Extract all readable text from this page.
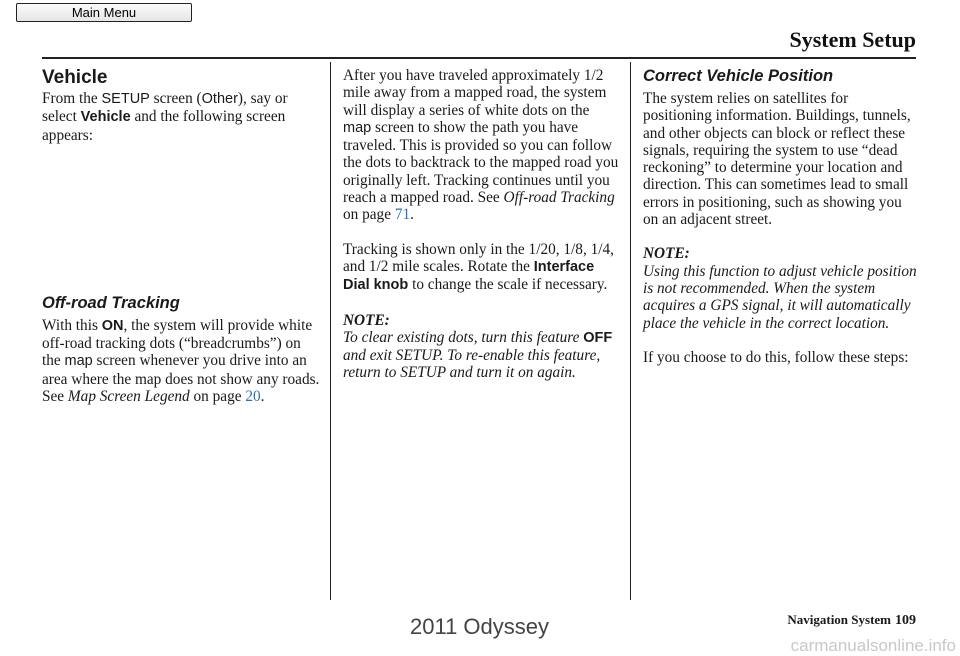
Main Menu
System Setup
Vehicle

From the SETUP screen (Other), say or select Vehicle and the following screen appears:

Off-road Tracking

With this ON, the system will provide white off-road tracking dots (“breadcrumbs”) on the map screen whenever you drive into an area where the map does not show any roads. See Map Screen Legend on page 20.

After you have traveled approximately 1/2 mile away from a mapped road, the system will display a series of white dots on the map screen to show the path you have traveled. This is provided so you can follow the dots to backtrack to the mapped road you originally left. Tracking continues until you reach a mapped road. See Off-road Tracking on page 71.

Tracking is shown only in the 1/20, 1/8, 1/4, and 1/2 mile scales. Rotate the Interface Dial knob to change the scale if necessary.

NOTE:

To clear existing dots, turn this feature OFF and exit SETUP. To re-enable this feature, return to SETUP and turn it on again.

Correct Vehicle Position

The system relies on satellites for positioning information. Buildings, tunnels, and other objects can block or reflect these signals, requiring the system to use “dead reckoning” to determine your location and direction. This can sometimes lead to small errors in positioning, such as showing you on an adjacent street.

NOTE:

Using this function to adjust vehicle position is not recommended. When the system acquires a GPS signal, it will automatically place the vehicle in the correct location.

If you choose to do this, follow these steps:

Navigation System 109
2011 Odyssey
carmanualsonline.info
